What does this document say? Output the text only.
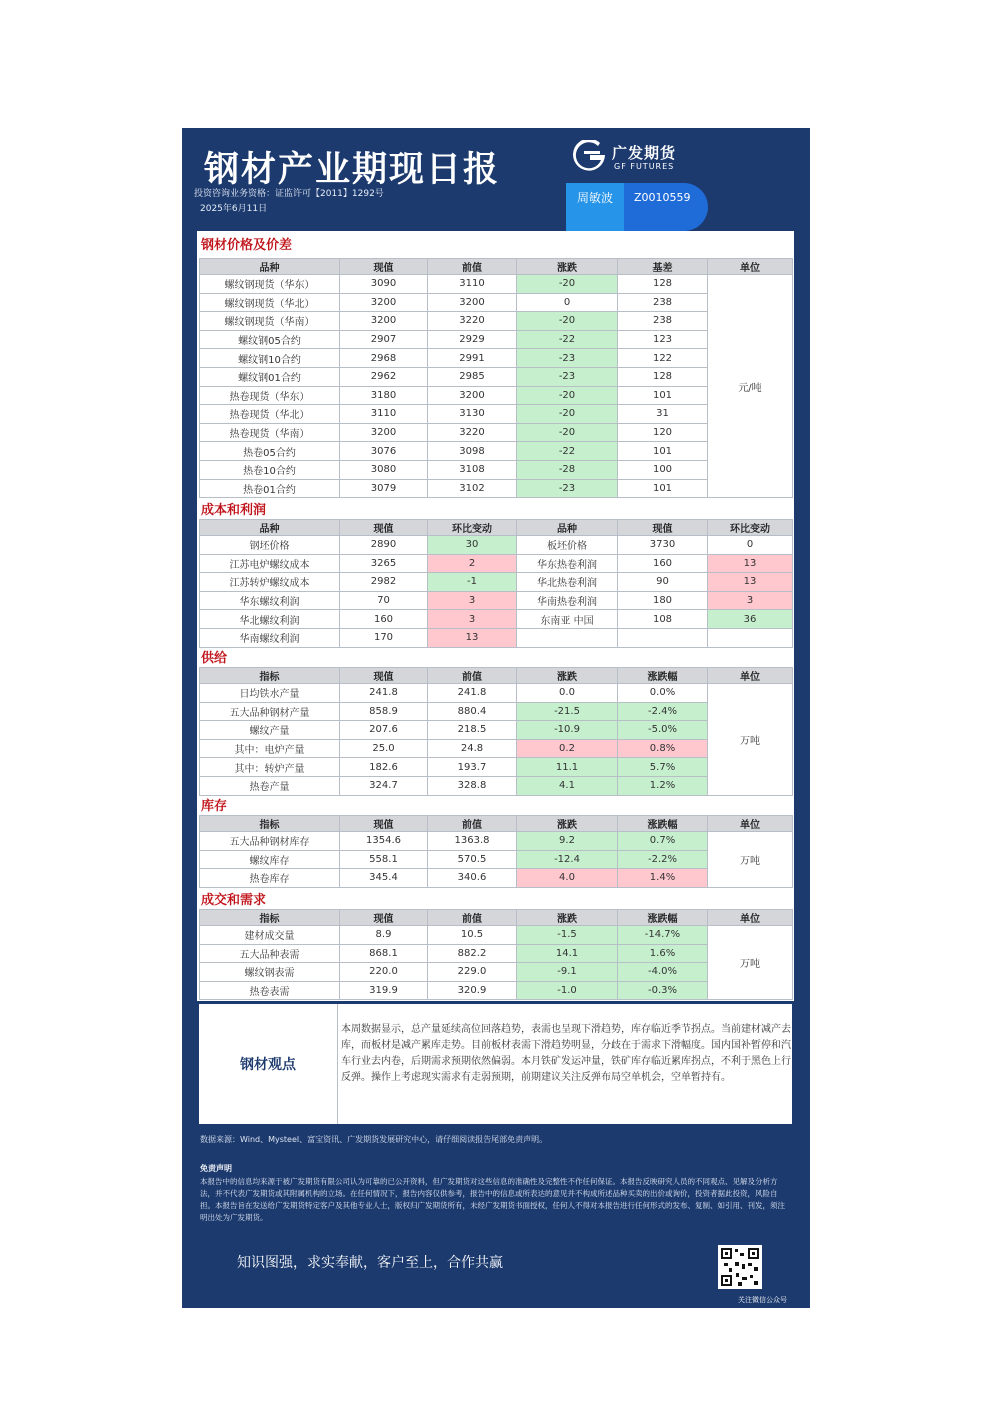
钢材产业期现日报
投资咨询业务资格：证监许可【2011】1292号
2025年6月11日
广发期货
GF FUTURES
周敏波	Z0010559
钢材价格及价差
品种	现值	前值	涨跌	基差	单位
螺纹钢现货（华东）	3090	3110	-20	128	元/吨
螺纹钢现货（华北）	3200	3200	0	238	
螺纹钢现货（华南）	3200	3220	-20	238	
螺纹钢05合约	2907	2929	-22	123	
螺纹钢10合约	2968	2991	-23	122	
螺纹钢01合约	2962	2985	-23	128	
热卷现货（华东）	3180	3200	-20	101	
热卷现货（华北）	3110	3130	-20	31	
热卷现货（华南）	3200	3220	-20	120	
热卷05合约	3076	3098	-22	101	
热卷10合约	3080	3108	-28	100	
热卷01合约	3079	3102	-23	101	
成本和利润
品种	现值	环比变动	品种	现值	环比变动
钢坯价格	2890	30	板坯价格	3730	0
江苏电炉螺纹成本	3265	2	华东热卷利润	160	13
江苏转炉螺纹成本	2982	-1	华北热卷利润	90	13
华东螺纹利润	70	3	华南热卷利润	180	3
华北螺纹利润	160	3	东南亚 中国	108	36
华南螺纹利润	170	13			
供给
指标	现值	前值	涨跌	涨跌幅	单位
日均铁水产量	241.8	241.8	0.0	0.0%	万吨
五大品种钢材产量	858.9	880.4	-21.5	-2.4%	
螺纹产量	207.6	218.5	-10.9	-5.0%	
其中：电炉产量	25.0	24.8	0.2	0.8%	
其中：转炉产量	182.6	193.7	11.1	5.7%	
热卷产量	324.7	328.8	4.1	1.2%	
库存
指标	现值	前值	涨跌	涨跌幅	单位
五大品种钢材库存	1354.6	1363.8	9.2	0.7%	万吨
螺纹库存	558.1	570.5	-12.4	-2.2%	
热卷库存	345.4	340.6	4.0	1.4%	
成交和需求
指标	现值	前值	涨跌	涨跌幅	单位
建材成交量	8.9	10.5	-1.5	-14.7%	万吨
五大品种表需	868.1	882.2	14.1	1.6%	
螺纹钢表需	220.0	229.0	-9.1	-4.0%	
热卷表需	319.9	320.9	-1.0	-0.3%	
钢材观点
本周数据显示，总产量延续高位回落趋势，表需也呈现下滑趋势，库存临近季节拐点。当前建材减产去库，而板材是减产累库走势。目前板材表需下滑趋势明显，分歧在于需求下滑幅度。国内国补暂停和汽车行业去内卷，后期需求预期依然偏弱。本月铁矿发运冲量，铁矿库存临近累库拐点，不利于黑色上行反弹。操作上考虑现实需求有走弱预期，前期建议关注反弹布局空单机会，空单暂持有。
数据来源：Wind、Mysteel、富宝资讯、广发期货发展研究中心，请仔细阅读报告尾部免责声明。
免责声明
本报告中的信息均来源于被广发期货有限公司认为可靠的已公开资料，但广发期货对这些信息的准确性及完整性不作任何保证。本报告反映研究人员的不同观点、见解及分析方法，并不代表广发期货或其附属机构的立场。在任何情况下，报告内容仅供参考，报告中的信息或所表达的意见并不构成所述品种买卖的出价或询价，投资者据此投资，风险自担。本报告旨在发送给广发期货特定客户及其他专业人士，版权归广发期货所有，未经广发期货书面授权，任何人不得对本报告进行任何形式的发布、复制、如引用、刊发，须注明出处为广发期货。
知识图强，求实奉献，客户至上，合作共赢
关注微信公众号
